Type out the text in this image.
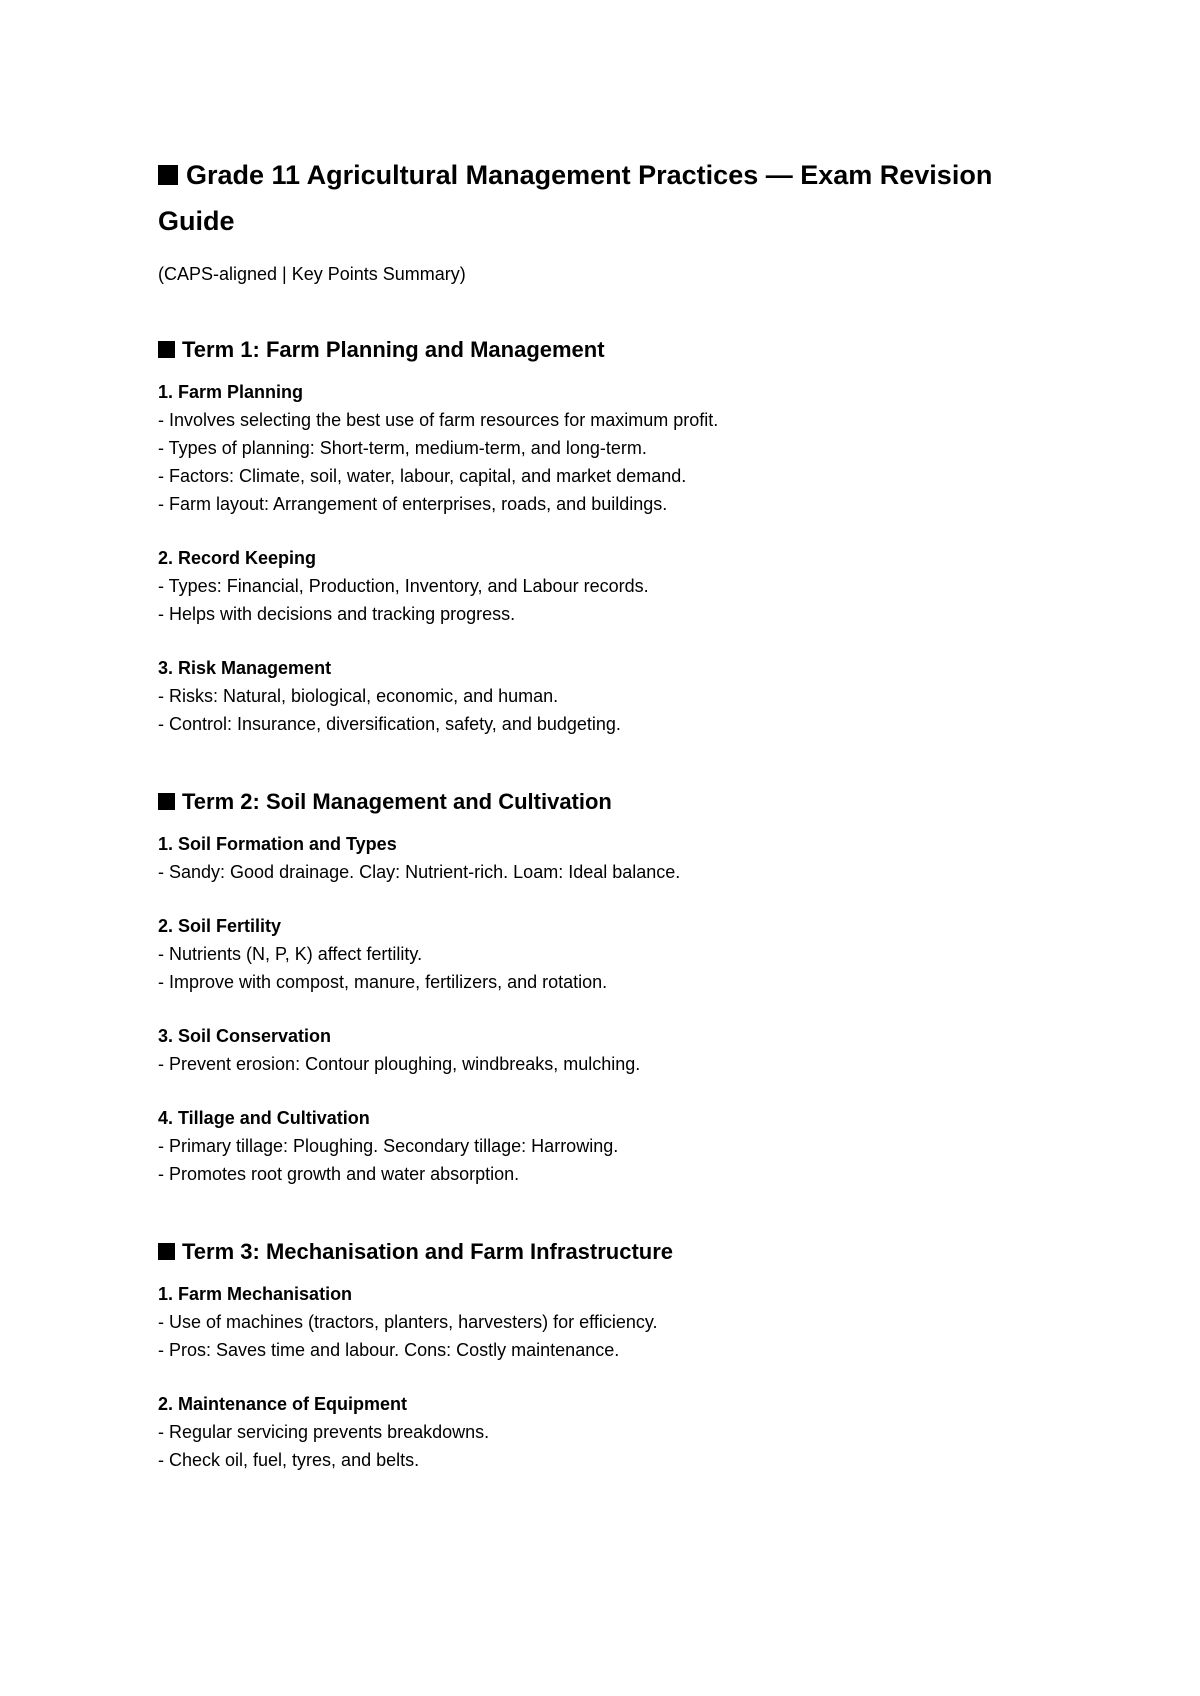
Grade 11 Agricultural Management Practices — Exam Revision Guide

(CAPS-aligned | Key Points Summary)

Term 1: Farm Planning and Management

1. Farm Planning

- Involves selecting the best use of farm resources for maximum profit.

- Types of planning: Short-term, medium-term, and long-term.

- Factors: Climate, soil, water, labour, capital, and market demand.

- Farm layout: Arrangement of enterprises, roads, and buildings.

2. Record Keeping

- Types: Financial, Production, Inventory, and Labour records.

- Helps with decisions and tracking progress.

3. Risk Management

- Risks: Natural, biological, economic, and human.

- Control: Insurance, diversification, safety, and budgeting.

Term 2: Soil Management and Cultivation

1. Soil Formation and Types

- Sandy: Good drainage. Clay: Nutrient-rich. Loam: Ideal balance.

2. Soil Fertility

- Nutrients (N, P, K) affect fertility.

- Improve with compost, manure, fertilizers, and rotation.

3. Soil Conservation

- Prevent erosion: Contour ploughing, windbreaks, mulching.

4. Tillage and Cultivation

- Primary tillage: Ploughing. Secondary tillage: Harrowing.

- Promotes root growth and water absorption.

Term 3: Mechanisation and Farm Infrastructure

1. Farm Mechanisation

- Use of machines (tractors, planters, harvesters) for efficiency.

- Pros: Saves time and labour. Cons: Costly maintenance.

2. Maintenance of Equipment

- Regular servicing prevents breakdowns.

- Check oil, fuel, tyres, and belts.
